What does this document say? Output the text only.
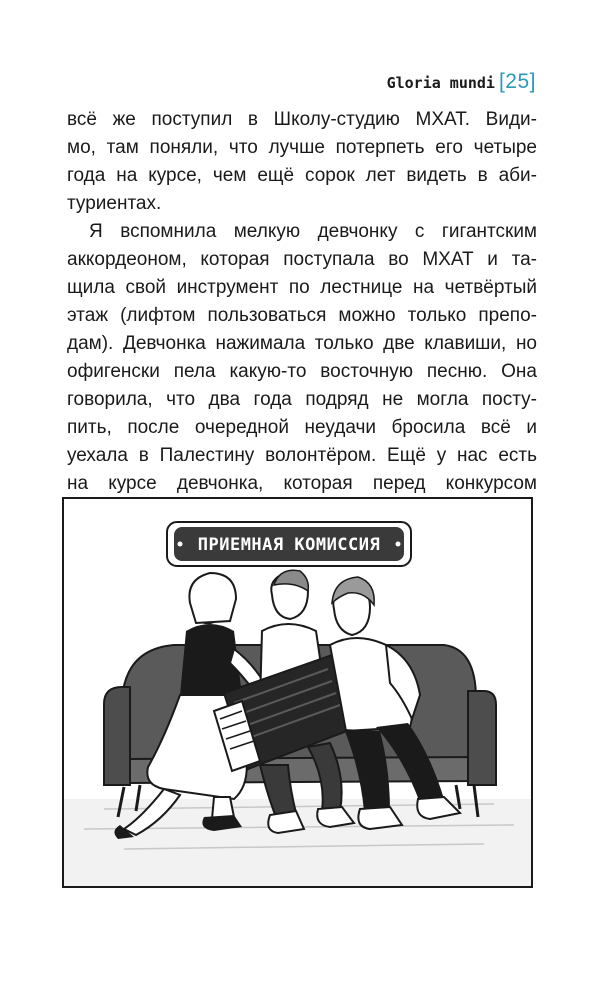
Gloria mundi [25]
всё же поступил в Школу-студию МХАТ. Види-
мо, там поняли, что лучше потерпеть его четыре
года на курсе, чем ещё сорок лет видеть в аби-
туриентах.
Я вспомнила мелкую девчонку с гигантским
аккордеоном, которая поступала во МХАТ и та-
щила свой инструмент по лестнице на четвёртый
этаж (лифтом пользоваться можно только препо-
дам). Девчонка нажимала только две клавиши, но
офигенски пела какую-то восточную песню. Она
говорила, что два года подряд не могла посту-
пить, после очередной неудачи бросила всё и
уехала в Палестину волонтёром. Ещё у нас есть
на курсе девчонка, которая перед конкурсом
ПРИЕМНАЯ КОМИССИЯ
